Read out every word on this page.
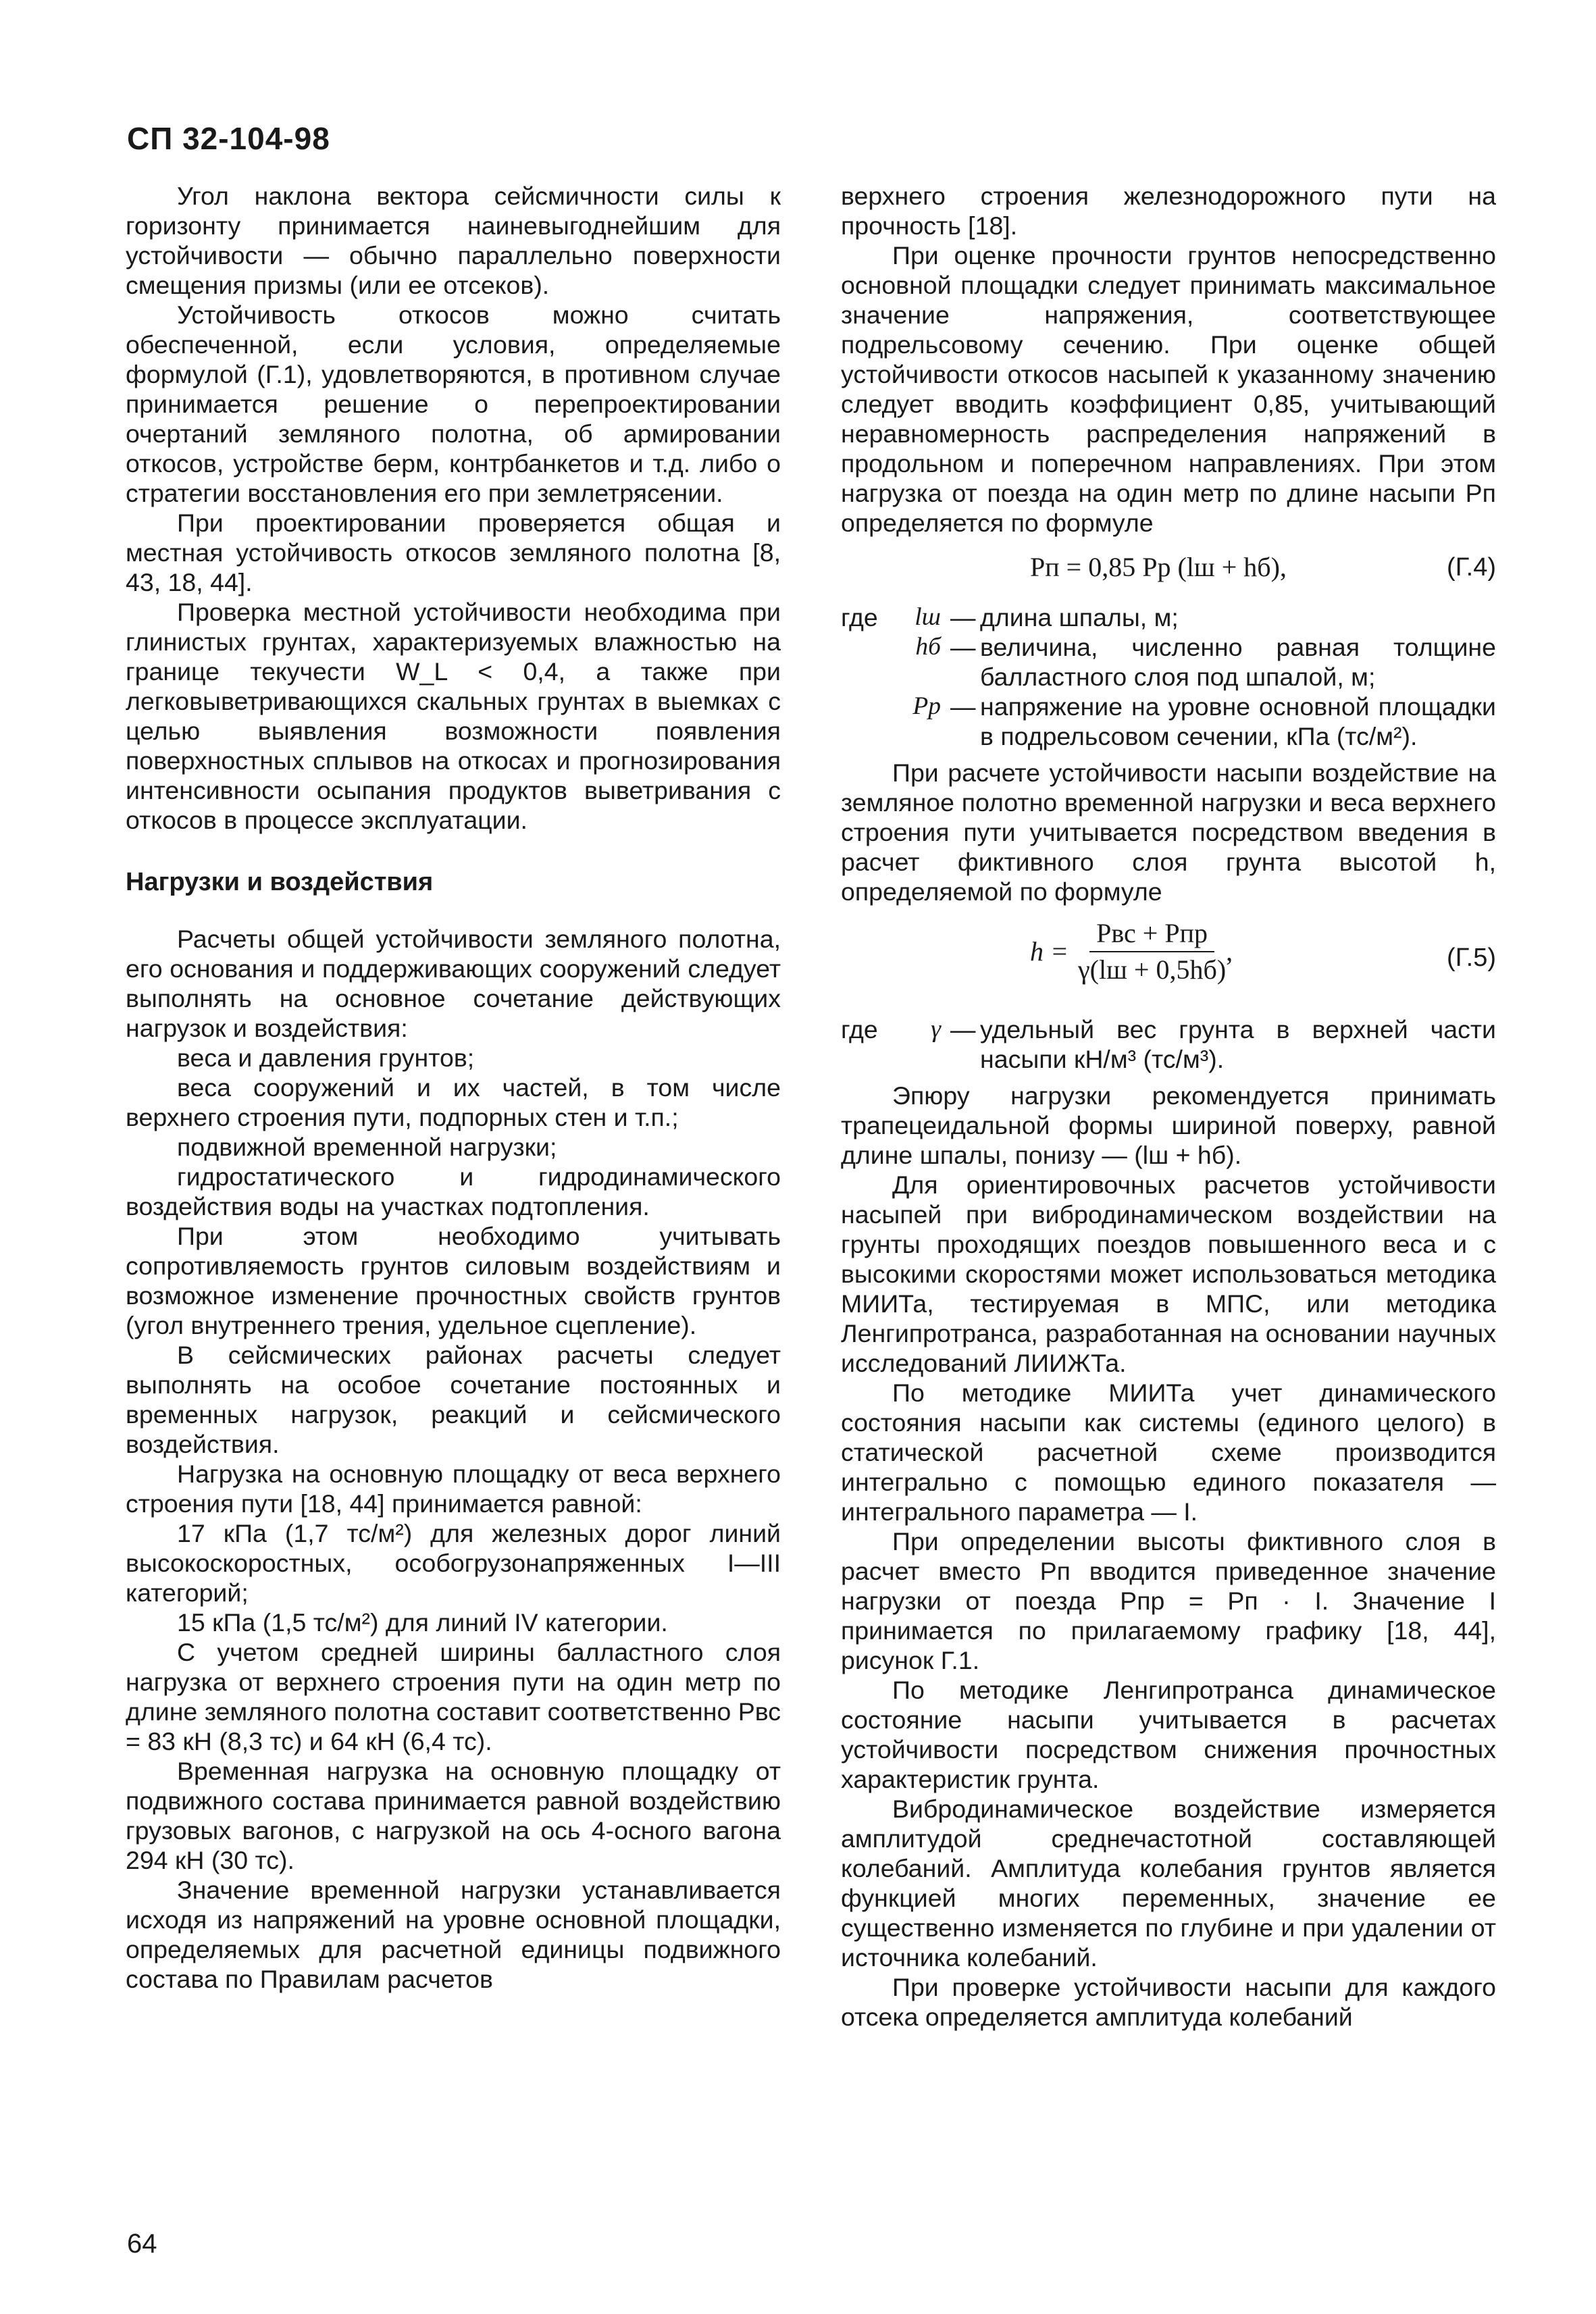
СП 32-104-98

Угол наклона вектора сейсмичности силы к горизонту принимается наиневыгоднейшим для устойчивости — обычно параллельно поверхности смещения призмы (или ее отсеков).

Устойчивость откосов можно считать обеспеченной, если условия, определяемые формулой (Г.1), удовлетворяются, в противном случае принимается решение о перепроектировании очертаний земляного полотна, об армировании откосов, устройстве берм, контрбанкетов и т.д. либо о стратегии восстановления его при землетрясении.

При проектировании проверяется общая и местная устойчивость откосов земляного полотна [8, 43, 18, 44].

Проверка местной устойчивости необходима при глинистых грунтах, характеризуемых влажностью на границе текучести W_L < 0,4, а также при легковыветривающихся скальных грунтах в выемках с целью выявления возможности появления поверхностных сплывов на откосах и прогнозирования интенсивности осыпания продуктов выветривания с откосов в процессе эксплуатации.

Нагрузки и воздействия

Расчеты общей устойчивости земляного полотна, его основания и поддерживающих сооружений следует выполнять на основное сочетание действующих нагрузок и воздействия:

веса и давления грунтов;

веса сооружений и их частей, в том числе верхнего строения пути, подпорных стен и т.п.;

подвижной временной нагрузки;

гидростатического и гидродинамического воздействия воды на участках подтопления.

При этом необходимо учитывать сопротивляемость грунтов силовым воздействиям и возможное изменение прочностных свойств грунтов (угол внутреннего трения, удельное сцепление).

В сейсмических районах расчеты следует выполнять на особое сочетание постоянных и временных нагрузок, реакций и сейсмического воздействия.

Нагрузка на основную площадку от веса верхнего строения пути [18, 44] принимается равной:

17 кПа (1,7 тс/м²) для железных дорог линий высокоскоростных, особогрузонапряженных I—III категорий;

15 кПа (1,5 тс/м²) для линий IV категории.

С учетом средней ширины балластного слоя нагрузка от верхнего строения пути на один метр по длине земляного полотна составит соответственно Pвс = 83 кН (8,3 тс) и 64 кН (6,4 тс).

Временная нагрузка на основную площадку от подвижного состава принимается равной воздействию грузовых вагонов, с нагрузкой на ось 4-осного вагона 294 кН (30 тс).

Значение временной нагрузки устанавливается исходя из напряжений на уровне основной площадки, определяемых для расчетной единицы подвижного состава по Правилам расчетов

верхнего строения железнодорожного пути на прочность [18].

При оценке прочности грунтов непосредственно основной площадки следует принимать максимальное значение напряжения, соответствующее подрельсовому сечению. При оценке общей устойчивости откосов насыпей к указанному значению следует вводить коэффициент 0,85, учитывающий неравномерность распределения напряжений в продольном и поперечном направлениях. При этом нагрузка от поезда на один метр по длине насыпи Pп определяется по формуле

Pп = 0,85 Pр (lш + hб),	(Г.4)
где	lш — длина шпалы, м;
hб — величина, численно равная толщине балластного слоя под шпалой, м;
Pр — напряжение на уровне основной площадки в подрельсовом сечении, кПа (тс/м²).

При расчете устойчивости насыпи воздействие на земляное полотно временной нагрузки и веса верхнего строения пути учитывается посредством введения в расчет фиктивного слоя грунта высотой h, определяемой по формуле

$h = \frac{\text{Pвс + Pпр}}{\gamma(lш + 0,5hб)}$ ,	(Г.5)
где	γ — удельный вес грунта в верхней части насыпи кН/м³ (тс/м³).

Эпюру нагрузки рекомендуется принимать трапецеидальной формы шириной поверху, равной длине шпалы, понизу — (lш + hб).

Для ориентировочных расчетов устойчивости насыпей при вибродинамическом воздействии на грунты проходящих поездов повышенного веса и с высокими скоростями может использоваться методика МИИТа, тестируемая в МПС, или методика Ленгипротранса, разработанная на основании научных исследований ЛИИЖТа.

По методике МИИТа учет динамического состояния насыпи как системы (единого целого) в статической расчетной схеме производится интегрально с помощью единого показателя — интегрального параметра — I.

При определении высоты фиктивного слоя в расчет вместо Pп вводится приведенное значение нагрузки от поезда Pпр = Pп · I. Значение I принимается по прилагаемому графику [18, 44], рисунок Г.1.

По методике Ленгипротранса динамическое состояние насыпи учитывается в расчетах устойчивости посредством снижения прочностных характеристик грунта.

Вибродинамическое воздействие измеряется амплитудой среднечастотной составляющей колебаний. Амплитуда колебания грунтов является функцией многих переменных, значение ее существенно изменяется по глубине и при удалении от источника колебаний.

При проверке устойчивости насыпи для каждого отсека определяется амплитуда колебаний

64
